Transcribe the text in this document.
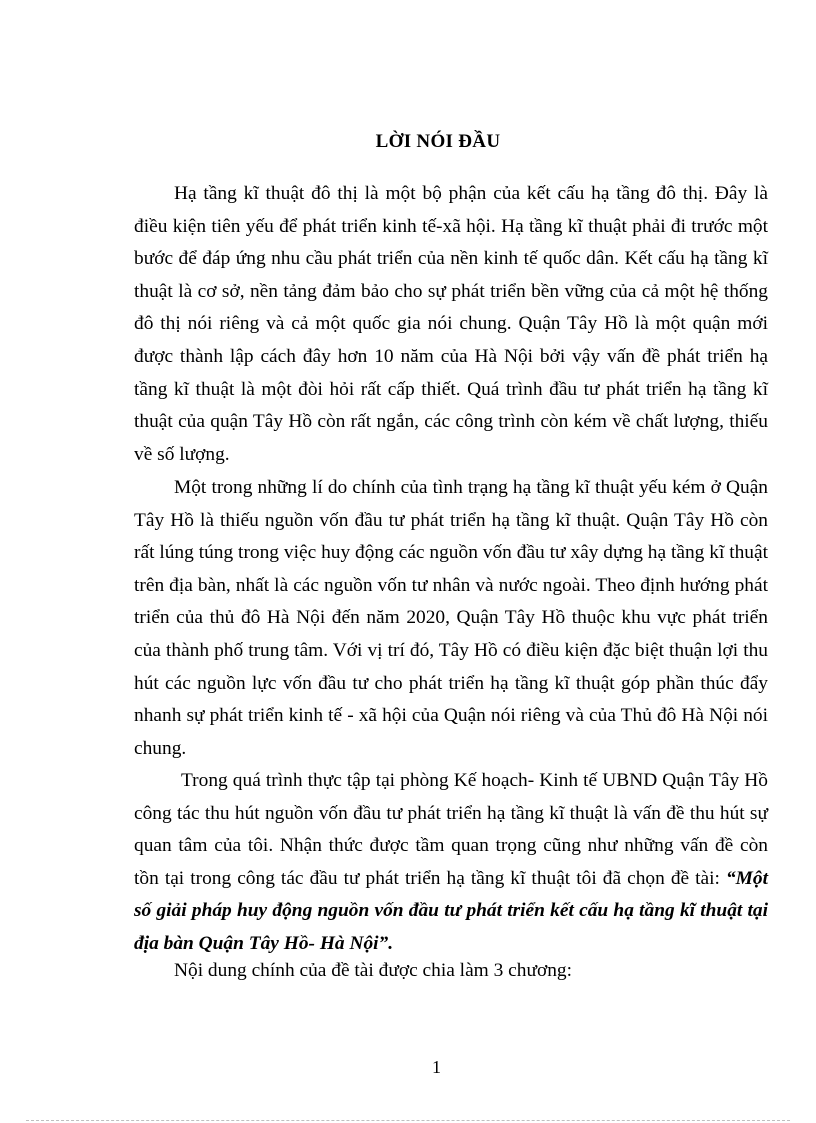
LỜI NÓI ĐẦU

Hạ tầng kĩ thuật đô thị là một bộ phận của kết cấu hạ tầng đô thị. Đây là điều kiện tiên yếu để phát triển kinh tế-xã hội. Hạ tầng kĩ thuật phải đi trước một bước để đáp ứng nhu cầu phát triển của nền kinh tế quốc dân. Kết cấu hạ tầng kĩ thuật là cơ sở, nền tảng đảm bảo cho sự phát triển bền vững của cả một hệ thống đô thị nói riêng và cả một quốc gia nói chung. Quận Tây Hồ là một quận mới được thành lập cách đây hơn 10 năm của Hà Nội bởi vậy vấn đề phát triển hạ tầng kĩ thuật là một đòi hỏi rất cấp thiết. Quá trình đầu tư phát triển hạ tầng kĩ thuật của quận Tây Hồ còn rất ngắn, các công trình còn kém về chất lượng, thiếu về số lượng.

Một trong những lí do chính của tình trạng hạ tầng kĩ thuật yếu kém ở Quận Tây Hồ là thiếu nguồn vốn đầu tư phát triển hạ tầng kĩ thuật. Quận Tây Hồ còn rất lúng túng trong việc huy động các nguồn vốn đầu tư xây dựng hạ tầng kĩ thuật trên địa bàn, nhất là các nguồn vốn tư nhân và nước ngoài. Theo định hướng phát triển của thủ đô Hà Nội đến năm 2020, Quận Tây Hồ thuộc khu vực phát triển của thành phố trung tâm. Với vị trí đó, Tây Hồ có điều kiện đặc biệt thuận lợi thu hút các nguồn lực vốn đầu tư cho phát triển hạ tầng kĩ thuật góp phần thúc đẩy nhanh sự phát triển kinh tế - xã hội của Quận nói riêng và của Thủ đô Hà Nội nói chung.

Trong quá trình thực tập tại phòng Kế hoạch- Kinh tế UBND Quận Tây Hồ công tác thu hút nguồn vốn đầu tư phát triển hạ tầng kĩ thuật là vấn đề thu hút sự quan tâm của tôi. Nhận thức được tầm quan trọng cũng như những vấn đề còn tồn tại trong công tác đầu tư phát triển hạ tầng kĩ thuật tôi đã chọn đề tài: “Một số giải pháp huy động nguồn vốn đầu tư phát triển kết cấu hạ tầng kĩ thuật tại địa bàn Quận Tây Hồ- Hà Nội”.

Nội dung chính của đề tài được chia làm 3 chương:

1
